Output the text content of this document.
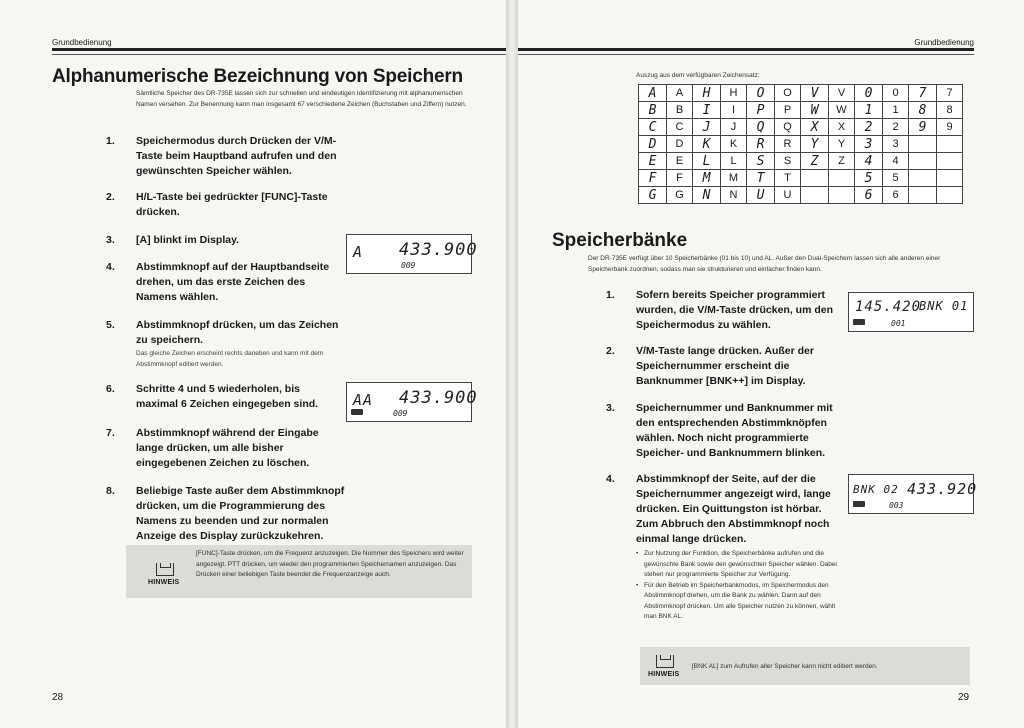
Grundbedienung
Alphanumerische Bezeichnung von Speichern
Sämtliche Speicher des DR-735E lassen sich zur schnellen und eindeutigen Identifizierung mit alphanumerischen Namen versehen. Zur Benennung kann man insgesamt 67 verschiedene Zeichen (Buchstaben und Ziffern) nutzen.
1. Speichermodus durch Drücken der V/M-Taste beim Hauptband aufrufen und den gewünschten Speicher wählen.
2. H/L-Taste bei gedrückter [FUNC]-Taste drücken.
3. [A] blinkt im Display.
4. Abstimmknopf auf der Hauptbandseite drehen, um das erste Zeichen des Namens wählen.
5. Abstimmknopf drücken, um das Zeichen zu speichern.
Das gleiche Zeichen erscheint rechts daneben und kann mit dem Abstimmknopf editiert werden.
6. Schritte 4 und 5 wiederholen, bis maximal 6 Zeichen eingegeben sind.
7. Abstimmknopf während der Eingabe lange drücken, um alle bisher eingegebenen Zeichen zu löschen.
8. Beliebige Taste außer dem Abstimmknopf drücken, um die Programmierung des Namens zu beenden und zur normalen Anzeige des Display zurückzukehren.
A 433.900
009
AA 433.900
009
HINWEIS
[FUNC]-Taste drücken, um die Frequenz anzuzeigen. Die Nummer des Speichers wird weiter angezeigt. PTT drücken, um wieder den programmierten Speichernamen anzuzeigen. Das Drücken einer beliebigen Taste beendet die Frequenzanzeige auch.
28
Grundbedienung
Auszug aus dem verfügbaren Zeichensatz:
A	A	H	H	O	O	V	V	0	0	7	7
B	B	I	I	P	P	W	W	1	1	8	8
C	C	J	J	Q	Q	X	X	2	2	9	9
D	D	K	K	R	R	Y	Y	3	3		
E	E	L	L	S	S	Z	Z	4	4		
F	F	M	M	T	T			5	5		
G	G	N	N	U	U			6	6		
Speicherbänke
Der DR-735E verfügt über 10 Speicherbänke (01 bis 10) und AL. Außer den Dual-Speichern lassen sich alle anderen einer Speicherbank zuordnen, sodass man sie strukturieren und einfacher finden kann.
1. Sofern bereits Speicher programmiert wurden, die V/M-Taste drücken, um den Speichermodus zu wählen.
2. V/M-Taste lange drücken. Außer der Speichernummer erscheint die Banknummer [BNK++] im Display.
3. Speichernummer und Banknummer mit den entsprechenden Abstimmknöpfen wählen. Noch nicht programmierte Speicher- und Banknummern blinken.
4. Abstimmknopf der Seite, auf der die Speichernummer angezeigt wird, lange drücken. Ein Quittungston ist hörbar. Zum Abbruch den Abstimmknopf noch einmal lange drücken.
• Zur Nutzung der Funktion, die Speicherbänke aufrufen und die gewünschte Bank sowie den gewünschten Speicher wählen. Dabei stehen nur programmierte Speicher zur Verfügung.
• Für den Betrieb im Speicherbankmodus, im Speichermodus den Abstimmknopf drehen, um die Bank zu wählen. Dann auf den Abstimmknopf drücken. Um alle Speicher nutzen zu können, wählt man BNK AL.
145.420
BNK 01
001
BNK 02 433.920
003
HINWEIS
[BNK AL] zum Aufrufen aller Speicher kann nicht editiert werden.
29
